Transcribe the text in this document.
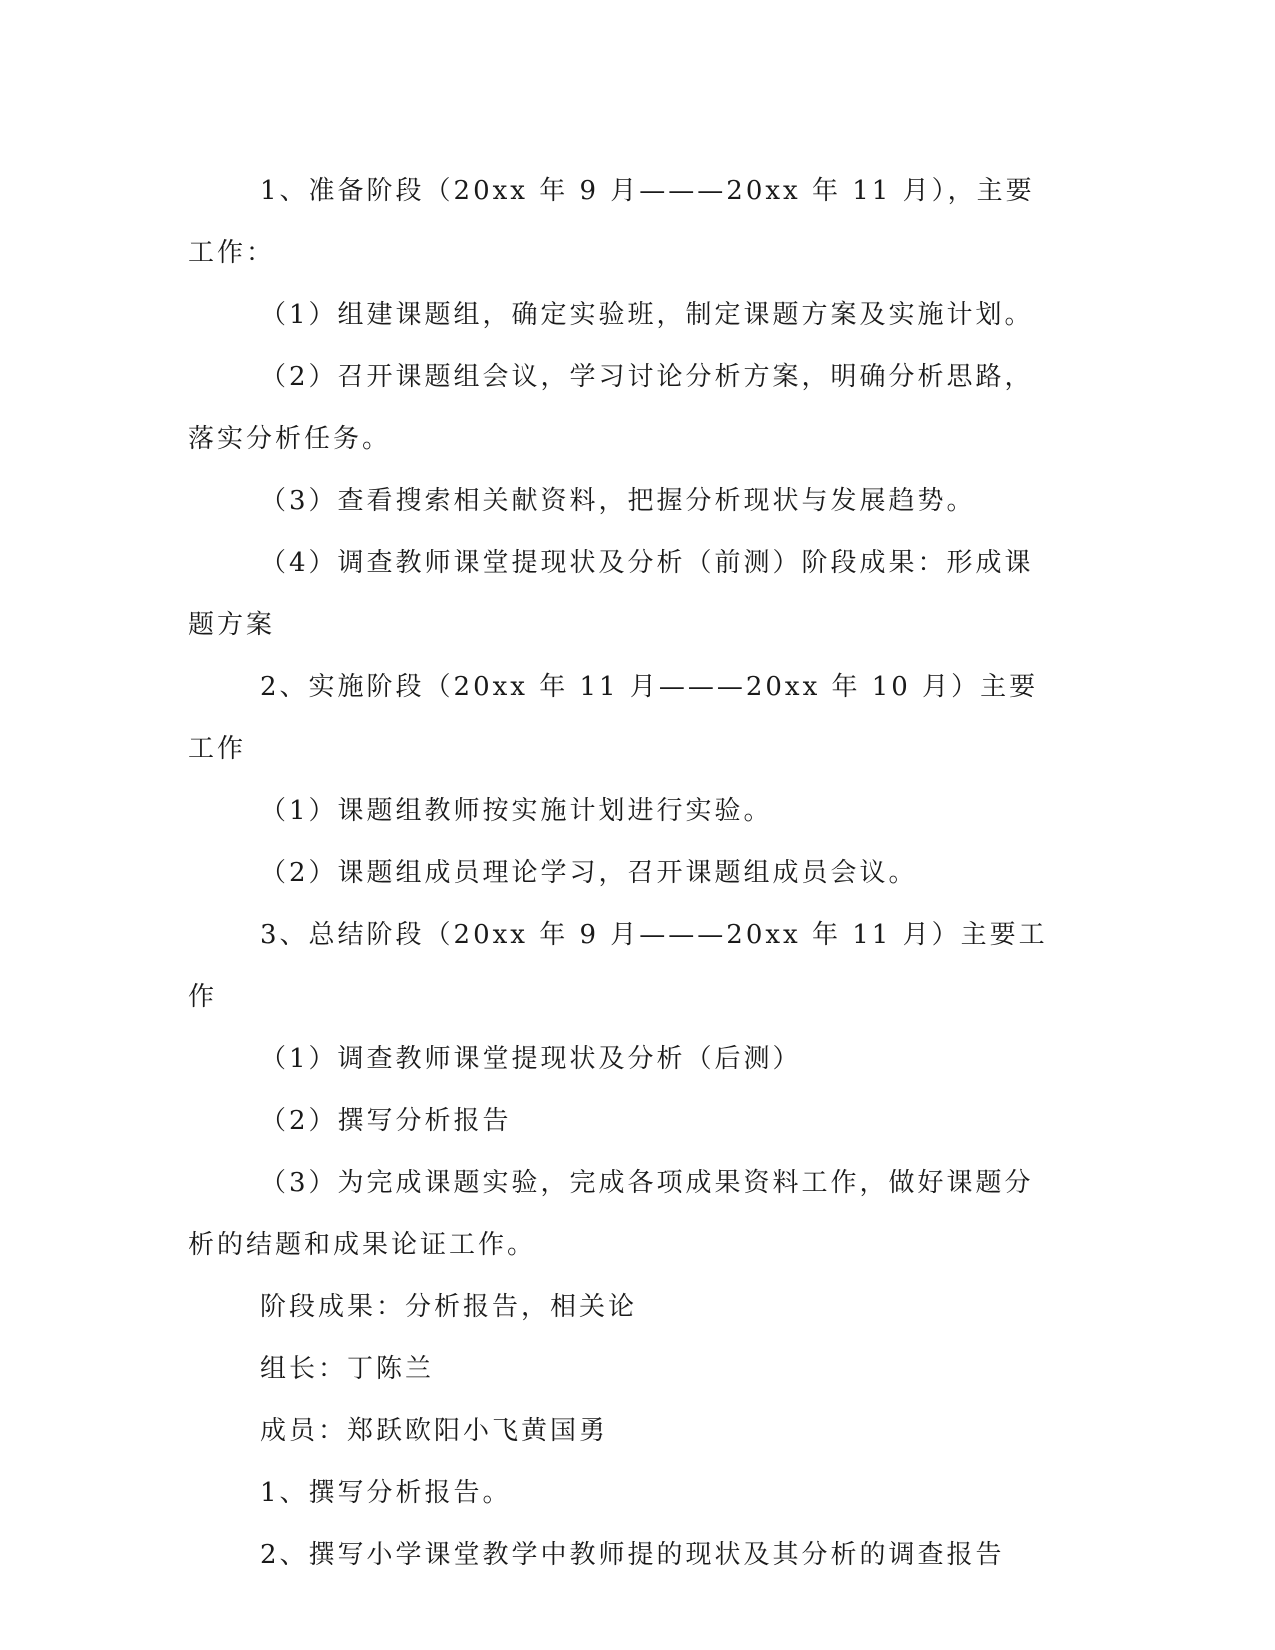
1、准备阶段（20xx 年 9 月———20xx 年 11 月），主要工作：

（1）组建课题组，确定实验班，制定课题方案及实施计划。

（2）召开课题组会议，学习讨论分析方案，明确分析思路，落实分析任务。

（3）查看搜索相关献资料，把握分析现状与发展趋势。

（4）调查教师课堂提现状及分析（前测）阶段成果：形成课题方案

2、实施阶段（20xx 年 11 月———20xx 年 10 月）主要工作

（1）课题组教师按实施计划进行实验。

（2）课题组成员理论学习，召开课题组成员会议。

3、总结阶段（20xx 年 9 月———20xx 年 11 月）主要工作

（1）调查教师课堂提现状及分析（后测）

（2）撰写分析报告

（3）为完成课题实验，完成各项成果资料工作，做好课题分析的结题和成果论证工作。

阶段成果：分析报告，相关论

组长：丁陈兰

成员：郑跃欧阳小飞黄国勇

1、撰写分析报告。

2、撰写小学课堂教学中教师提的现状及其分析的调查报告
